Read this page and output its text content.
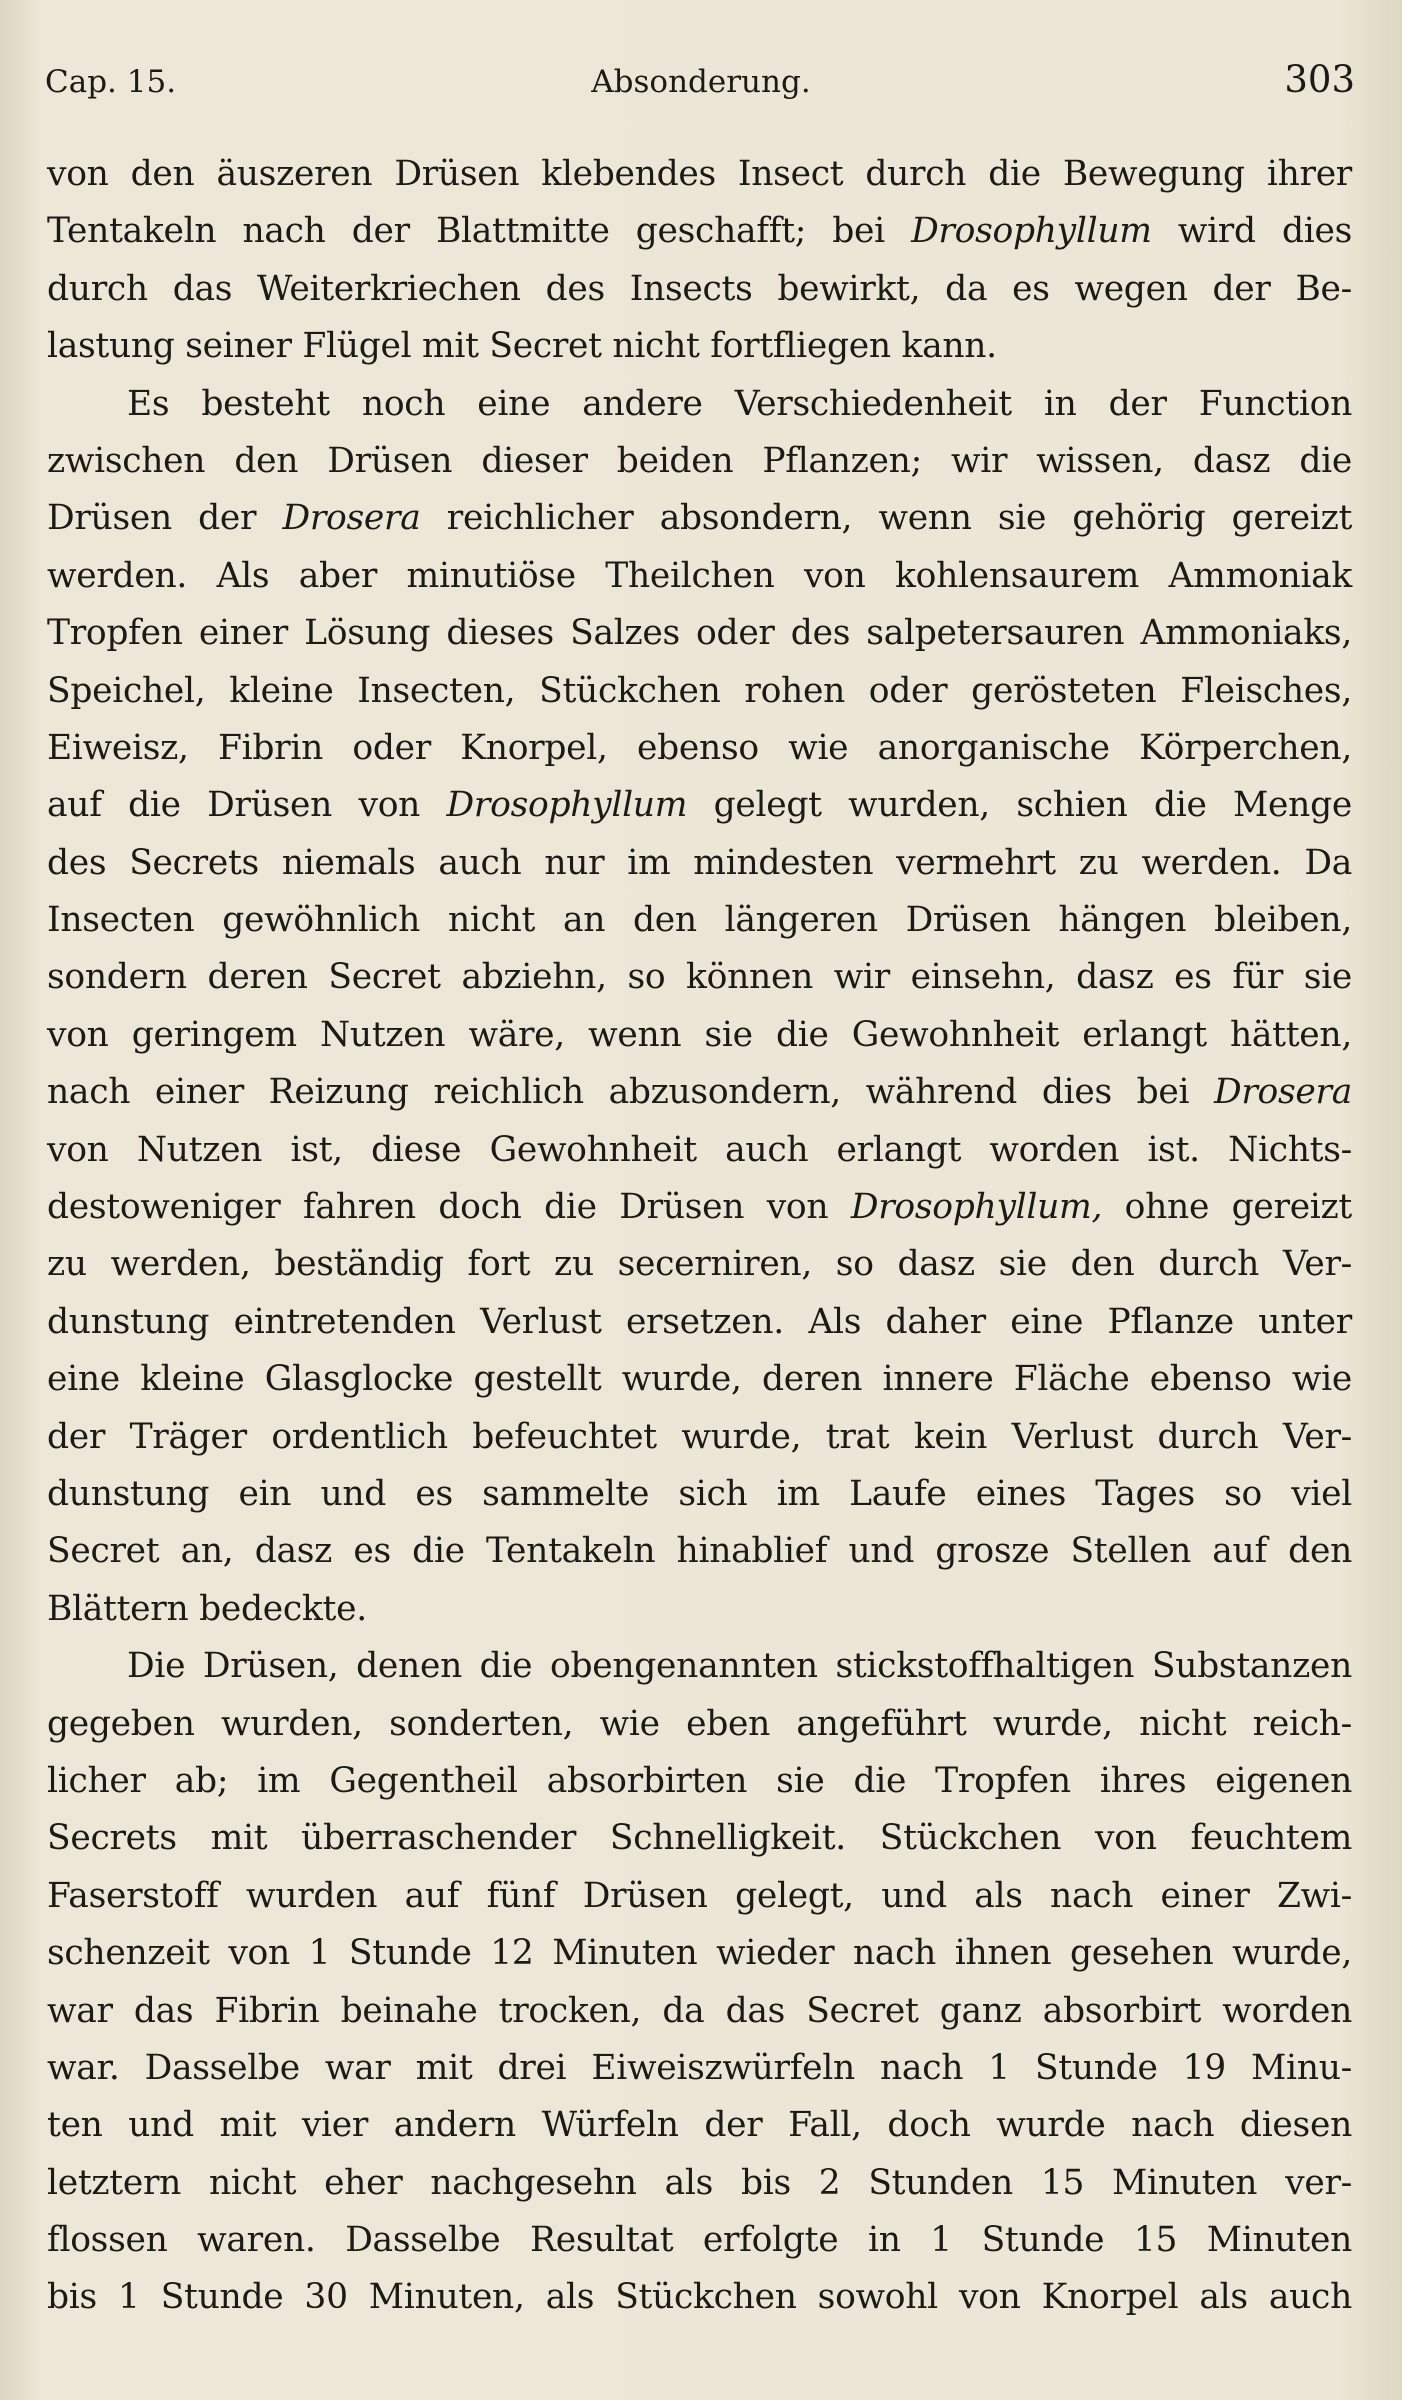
Cap. 15.	Absonderung.	303
von den äuszeren Drüsen klebendes Insect durch die Bewegung ihrer
Tentakeln nach der Blattmitte geschafft; bei Drosophyllum wird dies
durch das Weiterkriechen des Insects bewirkt, da es wegen der Be-
lastung seiner Flügel mit Secret nicht fortfliegen kann.
Es besteht noch eine andere Verschiedenheit in der Function
zwischen den Drüsen dieser beiden Pflanzen; wir wissen, dasz die
Drüsen der Drosera reichlicher absondern, wenn sie gehörig gereizt
werden. Als aber minutiöse Theilchen von kohlensaurem Ammoniak
Tropfen einer Lösung dieses Salzes oder des salpetersauren Ammoniaks,
Speichel, kleine Insecten, Stückchen rohen oder gerösteten Fleisches,
Eiweisz, Fibrin oder Knorpel, ebenso wie anorganische Körperchen,
auf die Drüsen von Drosophyllum gelegt wurden, schien die Menge
des Secrets niemals auch nur im mindesten vermehrt zu werden. Da
Insecten gewöhnlich nicht an den längeren Drüsen hängen bleiben,
sondern deren Secret abziehn, so können wir einsehn, dasz es für sie
von geringem Nutzen wäre, wenn sie die Gewohnheit erlangt hätten,
nach einer Reizung reichlich abzusondern, während dies bei Drosera
von Nutzen ist, diese Gewohnheit auch erlangt worden ist. Nichts-
destoweniger fahren doch die Drüsen von Drosophyllum, ohne gereizt
zu werden, beständig fort zu secerniren, so dasz sie den durch Ver-
dunstung eintretenden Verlust ersetzen. Als daher eine Pflanze unter
eine kleine Glasglocke gestellt wurde, deren innere Fläche ebenso wie
der Träger ordentlich befeuchtet wurde, trat kein Verlust durch Ver-
dunstung ein und es sammelte sich im Laufe eines Tages so viel
Secret an, dasz es die Tentakeln hinablief und grosze Stellen auf den
Blättern bedeckte.
Die Drüsen, denen die obengenannten stickstoffhaltigen Substanzen
gegeben wurden, sonderten, wie eben angeführt wurde, nicht reich-
licher ab; im Gegentheil absorbirten sie die Tropfen ihres eigenen
Secrets mit überraschender Schnelligkeit. Stückchen von feuchtem
Faserstoff wurden auf fünf Drüsen gelegt, und als nach einer Zwi-
schenzeit von 1 Stunde 12 Minuten wieder nach ihnen gesehen wurde,
war das Fibrin beinahe trocken, da das Secret ganz absorbirt worden
war. Dasselbe war mit drei Eiweiszwürfeln nach 1 Stunde 19 Minu-
ten und mit vier andern Würfeln der Fall, doch wurde nach diesen
letztern nicht eher nachgesehn als bis 2 Stunden 15 Minuten ver-
flossen waren. Dasselbe Resultat erfolgte in 1 Stunde 15 Minuten
bis 1 Stunde 30 Minuten, als Stückchen sowohl von Knorpel als auch
